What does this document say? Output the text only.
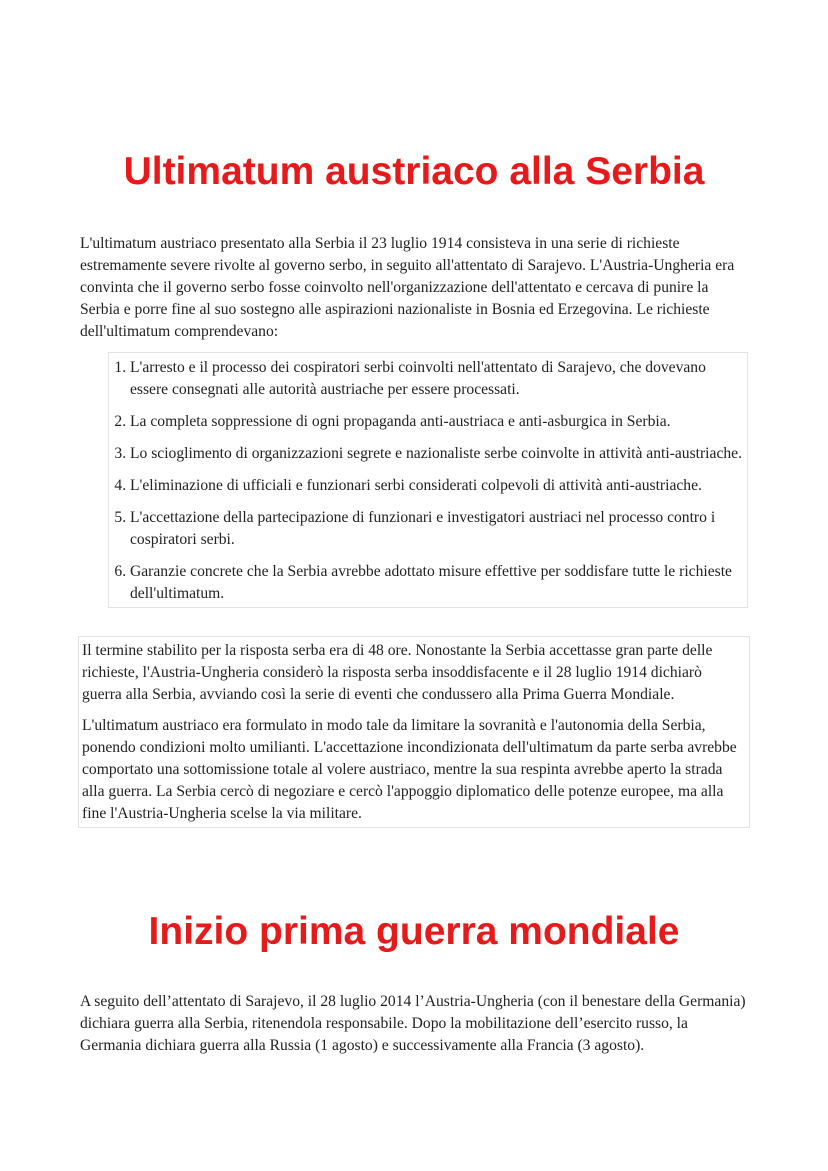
Ultimatum austriaco alla Serbia

L'ultimatum austriaco presentato alla Serbia il 23 luglio 1914 consisteva in una serie di richieste estremamente severe rivolte al governo serbo, in seguito all'attentato di Sarajevo. L'Austria-Ungheria era convinta che il governo serbo fosse coinvolto nell'organizzazione dell'attentato e cercava di punire la Serbia e porre fine al suo sostegno alle aspirazioni nazionaliste in Bosnia ed Erzegovina. Le richieste dell'ultimatum comprendevano:

1. L'arresto e il processo dei cospiratori serbi coinvolti nell'attentato di Sarajevo, che dovevano essere consegnati alle autorità austriache per essere processati.
2. La completa soppressione di ogni propaganda anti-austriaca e anti-asburgica in Serbia.
3. Lo scioglimento di organizzazioni segrete e nazionaliste serbe coinvolte in attività anti-austriache.
4. L'eliminazione di ufficiali e funzionari serbi considerati colpevoli di attività anti-austriache.
5. L'accettazione della partecipazione di funzionari e investigatori austriaci nel processo contro i cospiratori serbi.
6. Garanzie concrete che la Serbia avrebbe adottato misure effettive per soddisfare tutte le richieste dell'ultimatum.

Il termine stabilito per la risposta serba era di 48 ore. Nonostante la Serbia accettasse gran parte delle richieste, l'Austria-Ungheria considerò la risposta serba insoddisfacente e il 28 luglio 1914 dichiarò guerra alla Serbia, avviando così la serie di eventi che condussero alla Prima Guerra Mondiale.

L'ultimatum austriaco era formulato in modo tale da limitare la sovranità e l'autonomia della Serbia, ponendo condizioni molto umilianti. L'accettazione incondizionata dell'ultimatum da parte serba avrebbe comportato una sottomissione totale al volere austriaco, mentre la sua respinta avrebbe aperto la strada alla guerra. La Serbia cercò di negoziare e cercò l'appoggio diplomatico delle potenze europee, ma alla fine l'Austria-Ungheria scelse la via militare.

Inizio prima guerra mondiale

A seguito dell’attentato di Sarajevo, il 28 luglio 2014 l’Austria-Ungheria (con il benestare della Germania) dichiara guerra alla Serbia, ritenendola responsabile. Dopo la mobilitazione dell’esercito russo, la Germania dichiara guerra alla Russia (1 agosto) e successivamente alla Francia (3 agosto).
